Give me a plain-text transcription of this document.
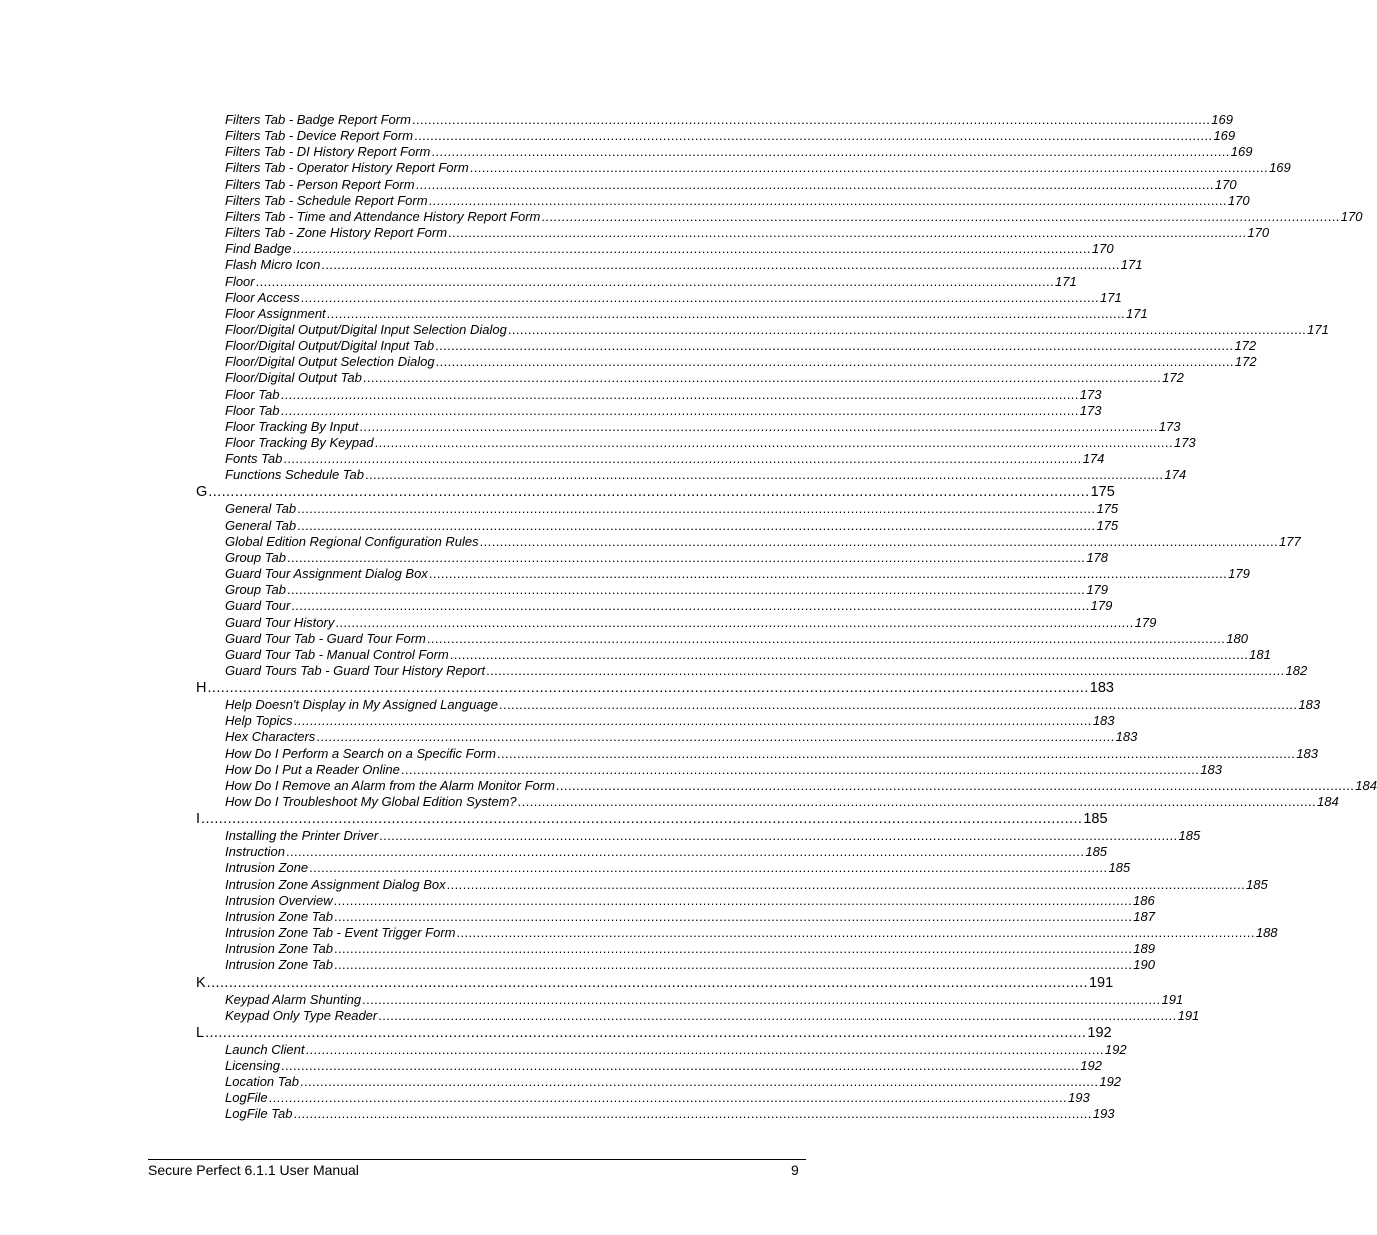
Filters Tab - Badge Report Form ....................................................................................................................................................................................................... 169
Filters Tab - Device Report Form ....................................................................................................................................................................................................... 169
Filters Tab - DI History Report Form ....................................................................................................................................................................................................... 169
Filters Tab - Operator History Report Form ....................................................................................................................................................................................................... 169
Filters Tab - Person Report Form ....................................................................................................................................................................................................... 170
Filters Tab - Schedule Report Form ....................................................................................................................................................................................................... 170
Filters Tab - Time and Attendance History Report Form ....................................................................................................................................................................................................... 170
Filters Tab - Zone History Report Form ....................................................................................................................................................................................................... 170
Find Badge ....................................................................................................................................................................................................... 170
Flash Micro Icon ....................................................................................................................................................................................................... 171
Floor ....................................................................................................................................................................................................... 171
Floor Access ....................................................................................................................................................................................................... 171
Floor Assignment ....................................................................................................................................................................................................... 171
Floor/Digital Output/Digital Input Selection Dialog ....................................................................................................................................................................................................... 171
Floor/Digital Output/Digital Input Tab ....................................................................................................................................................................................................... 172
Floor/Digital Output Selection Dialog ....................................................................................................................................................................................................... 172
Floor/Digital Output Tab ....................................................................................................................................................................................................... 172
Floor Tab ....................................................................................................................................................................................................... 173
Floor Tab ....................................................................................................................................................................................................... 173
Floor Tracking By Input ....................................................................................................................................................................................................... 173
Floor Tracking By Keypad ....................................................................................................................................................................................................... 173
Fonts Tab ....................................................................................................................................................................................................... 174
Functions Schedule Tab ....................................................................................................................................................................................................... 174
G ....................................................................................................................................................................................................... 175
General Tab ....................................................................................................................................................................................................... 175
General Tab ....................................................................................................................................................................................................... 175
Global Edition Regional Configuration Rules ....................................................................................................................................................................................................... 177
Group Tab ....................................................................................................................................................................................................... 178
Guard Tour Assignment Dialog Box ....................................................................................................................................................................................................... 179
Group Tab ....................................................................................................................................................................................................... 179
Guard Tour ....................................................................................................................................................................................................... 179
Guard Tour History ....................................................................................................................................................................................................... 179
Guard Tour Tab - Guard Tour Form ....................................................................................................................................................................................................... 180
Guard Tour Tab - Manual Control Form ....................................................................................................................................................................................................... 181
Guard Tours Tab - Guard Tour History Report ....................................................................................................................................................................................................... 182
H ....................................................................................................................................................................................................... 183
Help Doesn't Display in My Assigned Language ....................................................................................................................................................................................................... 183
Help Topics ....................................................................................................................................................................................................... 183
Hex Characters ....................................................................................................................................................................................................... 183
How Do I Perform a Search on a Specific Form ....................................................................................................................................................................................................... 183
How Do I Put a Reader Online ....................................................................................................................................................................................................... 183
How Do I Remove an Alarm from the Alarm Monitor Form ....................................................................................................................................................................................................... 184
How Do I Troubleshoot My Global Edition System? ....................................................................................................................................................................................................... 184
I ....................................................................................................................................................................................................... 185
Installing the Printer Driver ....................................................................................................................................................................................................... 185
Instruction ....................................................................................................................................................................................................... 185
Intrusion Zone ....................................................................................................................................................................................................... 185
Intrusion Zone Assignment Dialog Box ....................................................................................................................................................................................................... 185
Intrusion Overview ....................................................................................................................................................................................................... 186
Intrusion Zone Tab ....................................................................................................................................................................................................... 187
Intrusion Zone Tab - Event Trigger Form ....................................................................................................................................................................................................... 188
Intrusion Zone Tab ....................................................................................................................................................................................................... 189
Intrusion Zone Tab ....................................................................................................................................................................................................... 190
K ....................................................................................................................................................................................................... 191
Keypad Alarm Shunting ....................................................................................................................................................................................................... 191
Keypad Only Type Reader ....................................................................................................................................................................................................... 191
L ....................................................................................................................................................................................................... 192
Launch Client ....................................................................................................................................................................................................... 192
Licensing ....................................................................................................................................................................................................... 192
Location Tab ....................................................................................................................................................................................................... 192
LogFile ....................................................................................................................................................................................................... 193
LogFile Tab ....................................................................................................................................................................................................... 193
Secure Perfect 6.1.1 User Manual	9
